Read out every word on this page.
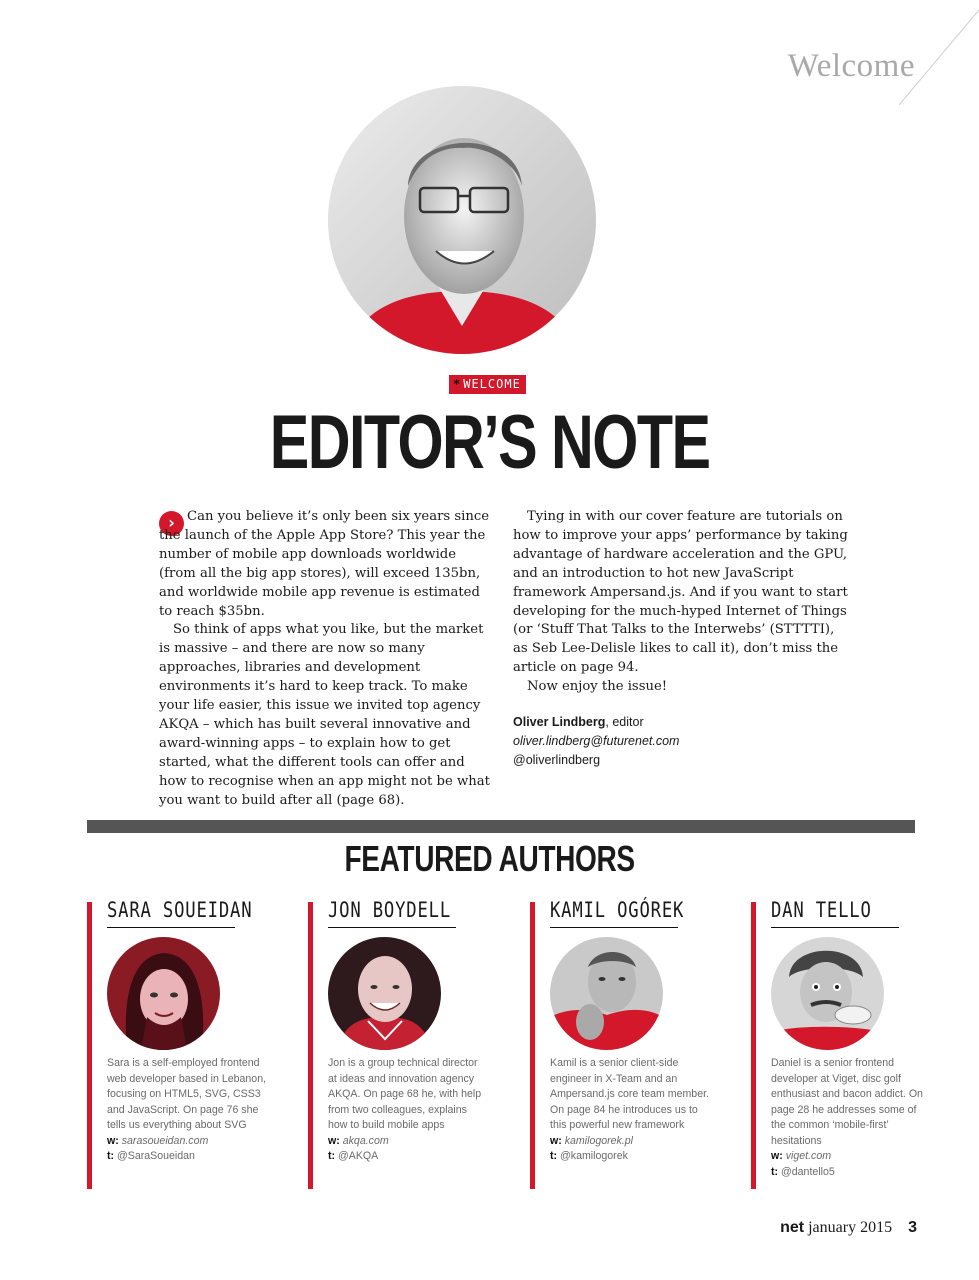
Welcome
* WELCOME
EDITOR’S NOTE
› Can you believe it’s only been six years since the launch of the Apple App Store? This year the number of mobile app downloads worldwide (from all the big app stores), will exceed 135bn, and worldwide mobile app revenue is estimated to reach $35bn.

So think of apps what you like, but the market is massive – and there are now so many approaches, libraries and development environments it’s hard to keep track. To make your life easier, this issue we invited top agency AKQA – which has built several innovative and award-winning apps – to explain how to get started, what the different tools can offer and how to recognise when an app might not be what you want to build after all (page 68).

Tying in with our cover feature are tutorials on how to improve your apps’ performance by taking advantage of hardware acceleration and the GPU, and an introduction to hot new JavaScript framework Ampersand.js. And if you want to start developing for the much-hyped Internet of Things (or ‘Stuff That Talks to the Interwebs’ (STTTTI), as Seb Lee-Delisle likes to call it), don’t miss the article on page 94.

Now enjoy the issue!

Oliver Lindberg, editor
oliver.lindberg@futurenet.com
@oliverlindberg
FEATURED AUTHORS
SARA SOUEIDAN
Sara is a self-employed frontend web developer based in Lebanon, focusing on HTML5, SVG, CSS3 and JavaScript. On page 76 she tells us everything about SVG
w: sarasoueidan.com
t: @SaraSoueidan
JON BOYDELL
Jon is a group technical director at ideas and innovation agency AKQA. On page 68 he, with help from two colleagues, explains how to build mobile apps
w: akqa.com
t: @AKQA
KAMIL OGÓREK
Kamil is a senior client-side engineer in X-Team and an Ampersand.js core team member. On page 84 he introduces us to this powerful new framework
w: kamilogorek.pl
t: @kamilogorek
DAN TELLO
Daniel is a senior frontend developer at Viget, disc golf enthusiast and bacon addict. On page 28 he addresses some of the common ‘mobile-first’ hesitations
w: viget.com
t: @dantello5
net january 2015 3
